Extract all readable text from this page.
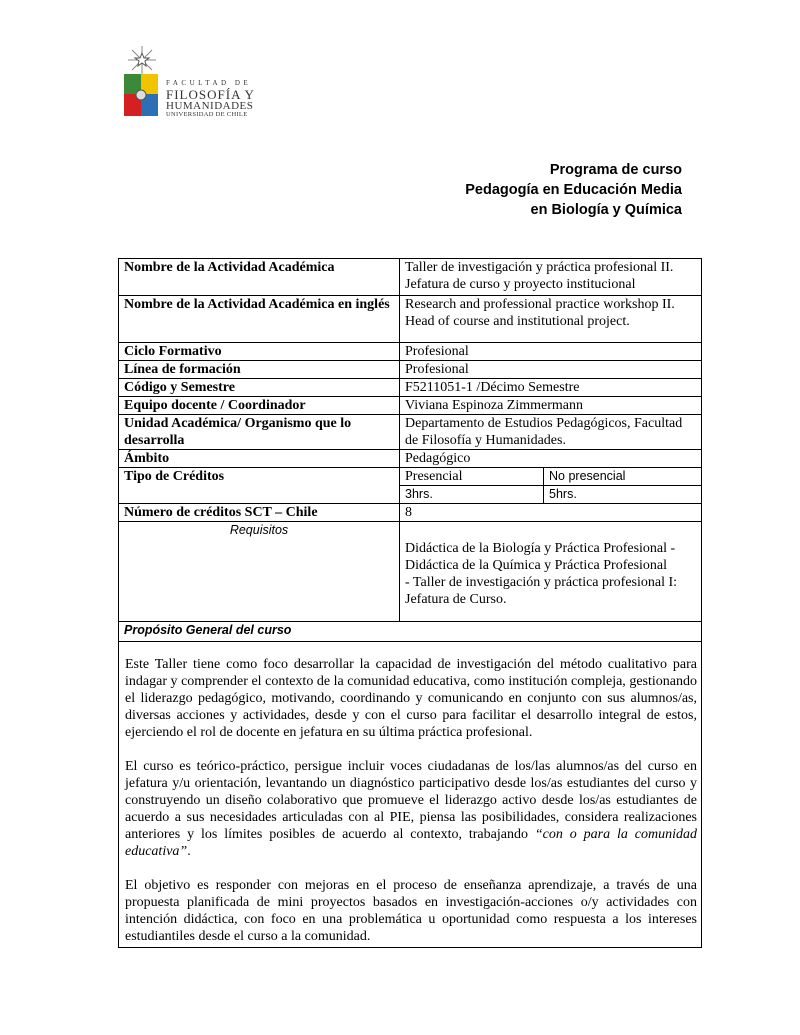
FACULTAD DE
FILOSOFÍA Y
HUMANIDADES
UNIVERSIDAD DE CHILE
Programa de curso
Pedagogía en Educación Media
en Biología y Química
Nombre de la Actividad Académica	Taller de investigación y práctica profesional II.
Jefatura de curso y proyecto institucional	

Nombre de la Actividad Académica en inglés	Research and professional practice workshop II.
Head of course and institutional project.	

Ciclo Formativo	Profesional	
Línea de formación	Profesional	
Código y Semestre	F5211051-1 /Décimo Semestre	
Equipo docente / Coordinador	Viviana Espinoza Zimmermann	
Unidad Académica/ Organismo que lo desarrolla	Departamento de Estudios Pedagógicos, Facultad de Filosofía y Humanidades.	
Ámbito	Pedagógico	
Tipo de Créditos	Presencial	No presencial
	3hrs.	5hrs.
Número de créditos SCT – Chile	8	
Requisitos	Didáctica de la Biología y Práctica Profesional -
Didáctica de la Química y Práctica Profesional
- Taller de investigación y práctica profesional I:
Jefatura de Curso.	

Propósito General del curso		

Este Taller tiene como foco desarrollar la capacidad de investigación del método cualitativo para indagar y comprender el contexto de la comunidad educativa, como institución compleja, gestionando el liderazgo pedagógico, motivando, coordinando y comunicando en conjunto con sus alumnos/as, diversas acciones y actividades, desde y con el curso para facilitar el desarrollo integral de estos, ejerciendo el rol de docente en jefatura en su última práctica profesional.

El curso es teórico-práctico, persigue incluir voces ciudadanas de los/las alumnos/as del curso en jefatura y/u orientación, levantando un diagnóstico participativo desde los/as estudiantes del curso y construyendo un diseño colaborativo que promueve el liderazgo activo desde los/as estudiantes de acuerdo a sus necesidades articuladas con al PIE, piensa las posibilidades, considera realizaciones anteriores y los límites posibles de acuerdo al contexto, trabajando “con o para la comunidad educativa”.

El objetivo es responder con mejoras en el proceso de enseñanza aprendizaje, a través de una propuesta planificada de mini proyectos basados en investigación-acciones o/y actividades con intención didáctica, con foco en una problemática u oportunidad como respuesta a los intereses estudiantiles desde el curso a la comunidad.		
